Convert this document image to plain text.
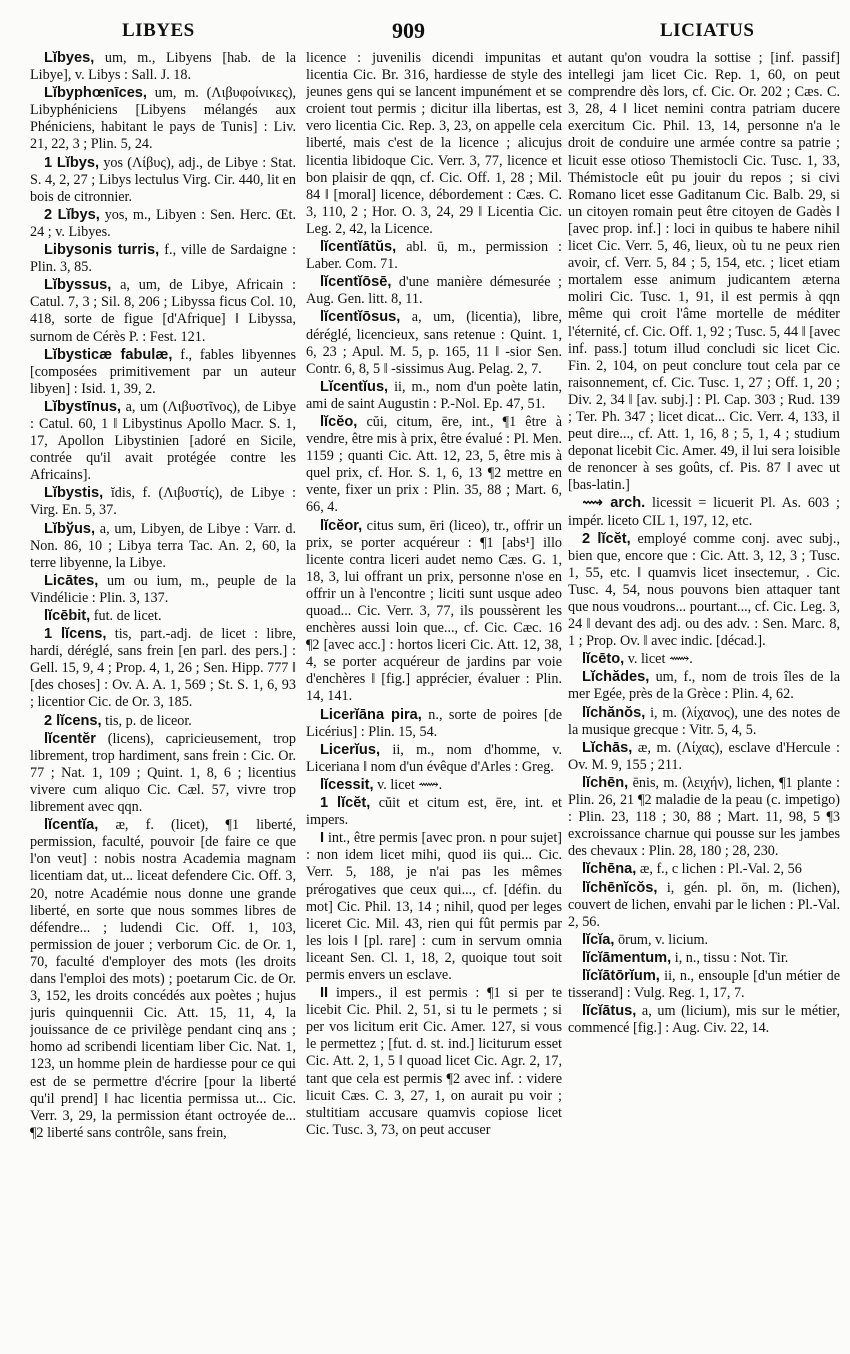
LIBYES	909	LICIATUS

Lĭbyes, um, m., Libyens [hab. de la Libye], v. Libys : Sall. J. 18.

Lĭbyphœnīces, um, m. (Λιβυφοίνικες), Libyphéniciens [Libyens mélangés aux Phéniciens, habitant le pays de Tunis] : Liv. 21, 22, 3 ; Plin. 5, 24.

1 Lĭbys, yos (Λίβυς), adj., de Libye : Stat. S. 4, 2, 27 ; Libys lectulus Virg. Cir. 440, lit en bois de citronnier.

2 Lĭbys, yos, m., Libyen : Sen. Herc. Œt. 24 ; v. Libyes.

Libysonis turris, f., ville de Sardaigne : Plin. 3, 85.

Lĭbyssus, a, um, de Libye, Africain : Catul. 7, 3 ; Sil. 8, 206 ; Libyssa ficus Col. 10, 418, sorte de figue [d'Afrique] ‖ Libyssa, surnom de Cérès P. : Fest. 121.

Lĭbysticæ fabulæ, f., fables libyennes [composées primitivement par un auteur libyen] : Isid. 1, 39, 2.

Lĭbystīnus, a, um (Λιβυστῖνος), de Libye : Catul. 60, 1 ‖ Libystinus Apollo Macr. S. 1, 17, Apollon Libystinien [adoré en Sicile, contrée qu'il avait protégée contre les Africains].

Lĭbystis, ĭdis, f. (Λιβυστίς), de Libye : Virg. En. 5, 37.

Lĭbўus, a, um, Libyen, de Libye : Varr. d. Non. 86, 10 ; Libya terra Tac. An. 2, 60, la terre libyenne, la Libye.

Licātes, um ou ium, m., peuple de la Vindélicie : Plin. 3, 137.

lĭcēbit, fut. de licet.

1 lĭcens, tis, part.-adj. de licet : libre, hardi, déréglé, sans frein [en parl. des pers.] : Gell. 15, 9, 4 ; Prop. 4, 1, 26 ; Sen. Hipp. 777 ‖ [des choses] : Ov. A. A. 1, 569 ; St. S. 1, 6, 93 ; licentior Cic. de Or. 3, 185.

2 lĭcens, tis, p. de liceor.

lĭcentĕr (licens), capricieusement, trop librement, trop hardiment, sans frein : Cic. Or. 77 ; Nat. 1, 109 ; Quint. 1, 8, 6 ; licentius vivere cum aliquo Cic. Cæl. 57, vivre trop librement avec qqn.

lĭcentĭa, æ, f. (licet), ¶1 liberté, permission, faculté, pouvoir [de faire ce que l'on veut] : nobis nostra Academia magnam licentiam dat, ut... liceat defendere Cic. Off. 3, 20, notre Académie nous donne une grande liberté, en sorte que nous sommes libres de défendre... ; ludendi Cic. Off. 1, 103, permission de jouer ; verborum Cic. de Or. 1, 70, faculté d'employer des mots (les droits dans l'emploi des mots) ; poetarum Cic. de Or. 3, 152, les droits concédés aux poètes ; hujus juris quinquennii Cic. Att. 15, 11, 4, la jouissance de ce privilège pendant cinq ans ; homo ad scribendi licentiam liber Cic. Nat. 1, 123, un homme plein de hardiesse pour ce qui est de se permettre d'écrire [pour la liberté qu'il prend] ‖ hac licentia permissa ut... Cic. Verr. 3, 29, la permission étant octroyée de... ¶2 liberté sans contrôle, sans frein,

licence : juvenilis dicendi impunitas et licentia Cic. Br. 316, hardiesse de style des jeunes gens qui se lancent impunément et se croient tout permis ; dicitur illa libertas, est vero licentia Cic. Rep. 3, 23, on appelle cela liberté, mais c'est de la licence ; alicujus licentia libidoque Cic. Verr. 3, 77, licence et bon plaisir de qqn, cf. Cic. Off. 1, 28 ; Mil. 84 ‖ [moral] licence, débordement : Cæs. C. 3, 110, 2 ; Hor. O. 3, 24, 29 ‖ Licentia Cic. Leg. 2, 42, la Licence.

lĭcentĭātŭs, abl. ū, m., permission : Laber. Com. 71.

lĭcentĭōsē, d'une manière démesurée ; Aug. Gen. litt. 8, 11.

lĭcentĭōsus, a, um, (licentia), libre, déréglé, licencieux, sans retenue : Quint. 1, 6, 23 ; Apul. M. 5, p. 165, 11 ‖ -sior Sen. Contr. 6, 8, 5 ‖ -sissimus Aug. Pelag. 2, 7.

Lĭcentĭus, ii, m., nom d'un poète latin, ami de saint Augustin : P.-Nol. Ep. 47, 51.

lĭcĕo, cŭi, citum, ēre, int., ¶1 être à vendre, être mis à prix, être évalué : Pl. Men. 1159 ; quanti Cic. Att. 12, 23, 5, être mis à quel prix, cf. Hor. S. 1, 6, 13 ¶2 mettre en vente, fixer un prix : Plin. 35, 88 ; Mart. 6, 66, 4.

lĭcĕor, citus sum, ēri (liceo), tr., offrir un prix, se porter acquéreur : ¶1 [abs¹] illo licente contra liceri audet nemo Cæs. G. 1, 18, 3, lui offrant un prix, personne n'ose en offrir un à l'encontre ; liciti sunt usque adeo quoad... Cic. Verr. 3, 77, ils poussèrent les enchères aussi loin que..., cf. Cic. Cæc. 16 ¶2 [avec acc.] : hortos liceri Cic. Att. 12, 38, 4, se porter acquéreur de jardins par voie d'enchères ‖ [fig.] apprécier, évaluer : Plin. 14, 141.

Licerĭāna pira, n., sorte de poires [de Licérius] : Plin. 15, 54.

Licerĭus, ii, m., nom d'homme, v. Liceriana ‖ nom d'un évêque d'Arles : Greg.

lĭcessit, v. licet ⟿.

1 lĭcĕt, cŭit et citum est, ēre, int. et impers.

I int., être permis [avec pron. n pour sujet] : non idem licet mihi, quod iis qui... Cic. Verr. 5, 188, je n'ai pas les mêmes prérogatives que ceux qui..., cf. [défin. du mot] Cic. Phil. 13, 14 ; nihil, quod per leges liceret Cic. Mil. 43, rien qui fût permis par les lois ‖ [pl. rare] : cum in servum omnia liceant Sen. Cl. 1, 18, 2, quoique tout soit permis envers un esclave.

II impers., il est permis : ¶1 si per te licebit Cic. Phil. 2, 51, si tu le permets ; si per vos licitum erit Cic. Amer. 127, si vous le permettez ; [fut. d. st. ind.] liciturum esset Cic. Att. 2, 1, 5 ‖ quoad licet Cic. Agr. 2, 17, tant que cela est permis ¶2 avec inf. : videre licuit Cæs. C. 3, 27, 1, on aurait pu voir ; stultitiam accusare quamvis copiose licet Cic. Tusc. 3, 73, on peut accuser

autant qu'on voudra la sottise ; [inf. passif] intellegi jam licet Cic. Rep. 1, 60, on peut comprendre dès lors, cf. Cic. Or. 202 ; Cæs. C. 3, 28, 4 ‖ licet nemini contra patriam ducere exercitum Cic. Phil. 13, 14, personne n'a le droit de conduire une armée contre sa patrie ; licuit esse otioso Themistocli Cic. Tusc. 1, 33, Thémistocle eût pu jouir du repos ; si civi Romano licet esse Gaditanum Cic. Balb. 29, si un citoyen romain peut être citoyen de Gadès ‖ [avec prop. inf.] : loci in quibus te habere nihil licet Cic. Verr. 5, 46, lieux, où tu ne peux rien avoir, cf. Verr. 5, 84 ; 5, 154, etc. ; licet etiam mortalem esse animum judicantem æterna moliri Cic. Tusc. 1, 91, il est permis à qqn même qui croit l'âme mortelle de méditer l'éternité, cf. Cic. Off. 1, 92 ; Tusc. 5, 44 ‖ [avec inf. pass.] totum illud concludi sic licet Cic. Fin. 2, 104, on peut conclure tout cela par ce raisonnement, cf. Cic. Tusc. 1, 27 ; Off. 1, 20 ; Div. 2, 34 ‖ [av. subj.] : Pl. Cap. 303 ; Rud. 139 ; Ter. Ph. 347 ; licet dicat... Cic. Verr. 4, 133, il peut dire..., cf. Att. 1, 16, 8 ; 5, 1, 4 ; studium deponat licebit Cic. Amer. 49, il lui sera loisible de renoncer à ses goûts, cf. Pis. 87 ‖ avec ut [bas-latin.]

⟿ arch. licessit = licuerit Pl. As. 603 ; impér. liceto CIL 1, 197, 12, etc.

2 lĭcĕt, employé comme conj. avec subj., bien que, encore que : Cic. Att. 3, 12, 3 ; Tusc. 1, 55, etc. ‖ quamvis licet insectemur, . Cic. Tusc. 4, 54, nous pouvons bien attaquer tant que nous voudrons... pourtant..., cf. Cic. Leg. 3, 24 ‖ devant des adj. ou des adv. : Sen. Marc. 8, 1 ; Prop. Ov. ‖ avec indic. [décad.].

lĭcēto, v. licet ⟿.

Lĭchădes, um, f., nom de trois îles de la mer Egée, près de la Grèce : Plin. 4, 62.

lĭchănŏs, i, m. (λίχανος), une des notes de la musique grecque : Vitr. 5, 4, 5.

Lĭchās, æ, m. (Λίχας), esclave d'Hercule : Ov. M. 9, 155 ; 211.

lĭchēn, ēnis, m. (λειχήν), lichen, ¶1 plante : Plin. 26, 21 ¶2 maladie de la peau (c. impetigo) : Plin. 23, 118 ; 30, 88 ; Mart. 11, 98, 5 ¶3 excroissance charnue qui pousse sur les jambes des chevaux : Plin. 28, 180 ; 28, 230.

lĭchēna, æ, f., c lichen : Pl.-Val. 2, 56

lĭchēnĭcŏs, i, gén. pl. ōn, m. (lichen), couvert de lichen, envahi par le lichen : Pl.-Val. 2, 56.

lĭcĭa, ōrum, v. licium.

lĭcĭāmentum, i, n., tissu : Not. Tir.

lĭcĭātōrĭum, ii, n., ensouple [d'un métier de tisserand] : Vulg. Reg. 1, 17, 7.

lĭcĭātus, a, um (licium), mis sur le métier, commencé [fig.] : Aug. Civ. 22, 14.
